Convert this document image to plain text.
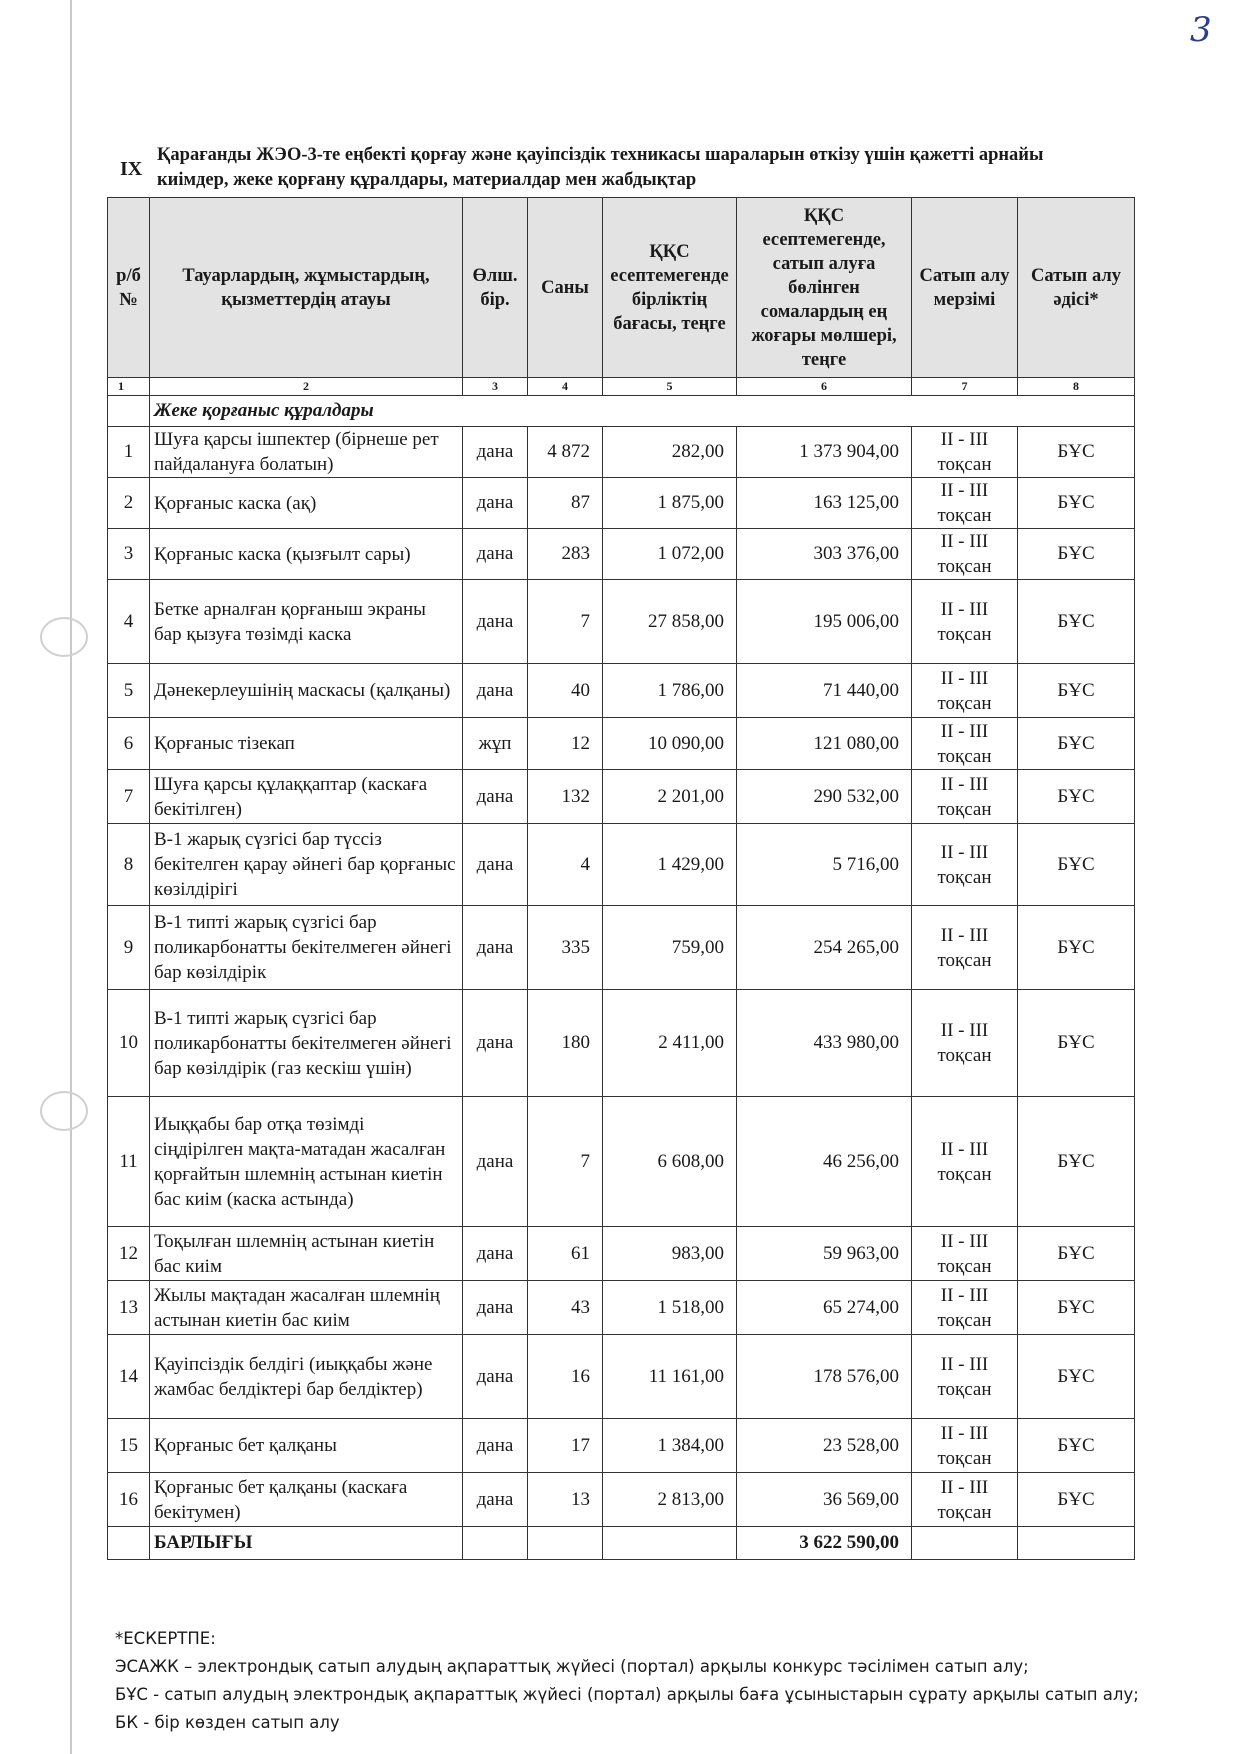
3
IX
Қарағанды ЖЭО-3-те еңбекті қорғау және қауіпсіздік техникасы шараларын өткізу үшін қажетті арнайы киімдер, жеке қорғану құралдары, материалдар мен жабдықтар
р/б №	Тауарлардың, жұмыстардың, қызметтердің атауы	Өлш. бір.	Саны	ҚҚС есептемегенде бірліктің бағасы, теңге	ҚҚС есептемегенде, сатып алуға бөлінген сомалардың ең жоғары мөлшері, теңге	Сатып алу мерзімі	Сатып алу әдісі*
1	2	3	4	5	6	7	8
	Жеке қорғаныс құралдары						
1	Шуға қарсы ішпектер (бірнеше рет пайдалануға болатын)	дана	4 872	282,00	1 373 904,00	II - III тоқсан	БҰС
2	Қорғаныс каска (ақ)	дана	87	1 875,00	163 125,00	II - III тоқсан	БҰС
3	Қорғаныс каска (қызғылт сары)	дана	283	1 072,00	303 376,00	II - III тоқсан	БҰС
4	Бетке арналған қорғаныш экраны бар қызуға төзімді каска	дана	7	27 858,00	195 006,00	II - III тоқсан	БҰС
5	Дәнекерлеушінің маскасы (қалқаны)	дана	40	1 786,00	71 440,00	II - III тоқсан	БҰС
6	Қорғаныс тізекап	жұп	12	10 090,00	121 080,00	II - III тоқсан	БҰС
7	Шуға қарсы құлаққаптар (каскаға бекітілген)	дана	132	2 201,00	290 532,00	II - III тоқсан	БҰС
8	В-1 жарық сүзгісі бар түссіз бекітелген қарау әйнегі бар қорғаныс көзілдірігі	дана	4	1 429,00	5 716,00	II - III тоқсан	БҰС
9	В-1 типті жарық сүзгісі бар поликарбонатты бекітелмеген әйнегі бар көзілдірік	дана	335	759,00	254 265,00	II - III тоқсан	БҰС
10	В-1 типті жарық сүзгісі бар поликарбонатты бекітелмеген әйнегі бар көзілдірік (газ кескіш үшін)	дана	180	2 411,00	433 980,00	II - III тоқсан	БҰС
11	Иыққабы бар отқа төзімді сіңдірілген мақта-матадан жасалған қорғайтын шлемнің астынан киетін бас киім (каска астында)	дана	7	6 608,00	46 256,00	II - III тоқсан	БҰС
12	Тоқылған шлемнің астынан киетін бас киім	дана	61	983,00	59 963,00	II - III тоқсан	БҰС
13	Жылы мақтадан жасалған шлемнің астынан киетін бас киім	дана	43	1 518,00	65 274,00	II - III тоқсан	БҰС
14	Қауіпсіздік белдігі (иыққабы және жамбас белдіктері бар белдіктер)	дана	16	11 161,00	178 576,00	II - III тоқсан	БҰС
15	Қорғаныс бет қалқаны	дана	17	1 384,00	23 528,00	II - III тоқсан	БҰС
16	Қорғаныс бет қалқаны (каскаға бекітумен)	дана	13	2 813,00	36 569,00	II - III тоқсан	БҰС
	БАРЛЫҒЫ				3 622 590,00		
*ЕСКЕРТПЕ:
ЭСАЖК – электрондық сатып алудың ақпараттық жүйесі (портал) арқылы конкурс тәсілімен сатып алу;
БҰС - сатып алудың электрондық ақпараттық жүйесі (портал) арқылы баға ұсыныстарын сұрату арқылы сатып алу;
БК - бір көзден сатып алу
